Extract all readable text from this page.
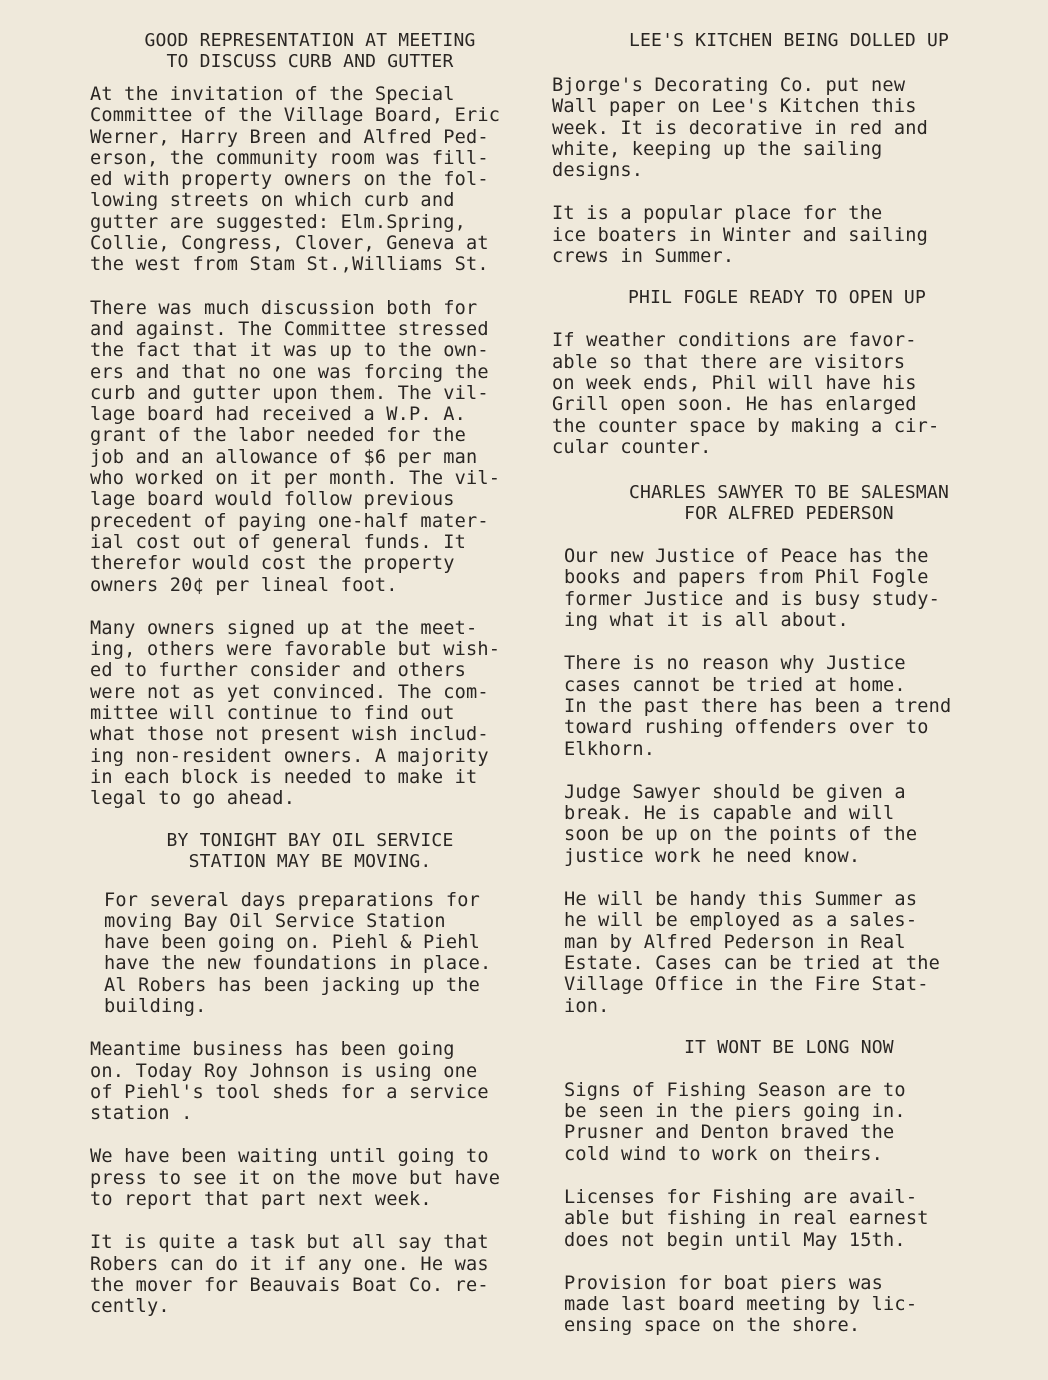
GOOD REPRESENTATION AT MEETING

TO DISCUSS CURB AND GUTTER

At the invitation of the Special
Committee of the Village Board, Eric
Werner, Harry Breen and Alfred Ped-
erson, the community room was fill-
ed with property owners on the fol-
lowing streets on which curb and
gutter are suggested: Elm.Spring,
Collie, Congress, Clover, Geneva at
the west from Stam St.,Williams St.

There was much discussion both for
and against. The Committee stressed
the fact that it was up to the own-
ers and that no one was forcing the
curb and gutter upon them. The vil-
lage board had received a W.P. A.
grant of the labor needed for the
job and an allowance of $6 per man
who worked on it per month. The vil-
lage board would follow previous
precedent of paying one-half mater-
ial cost out of general funds. It
therefor would cost the property
owners 20¢ per lineal foot.

Many owners signed up at the meet-
ing, others were favorable but wish-
ed to further consider and others
were not as yet convinced. The com-
mittee will continue to find out
what those not present wish includ-
ing non-resident owners. A majority
in each block is needed to make it
legal to go ahead.

BY TONIGHT BAY OIL SERVICE

STATION MAY BE MOVING.

For several days preparations for
moving Bay Oil Service Station
have been going on. Piehl & Piehl
have the new foundations in place.
Al Robers has been jacking up the
building.

Meantime business has been going
on. Today Roy Johnson is using one
of Piehl's tool sheds for a service
station .

We have been waiting until going to
press to see it on the move but have
to report that part next week.

It is quite a task but all say that
Robers can do it if any one. He was
the mover for Beauvais Boat Co. re-
cently.

LEE'S KITCHEN BEING DOLLED UP

Bjorge's Decorating Co. put new
Wall paper on Lee's Kitchen this
week. It is decorative in red and
white, keeping up the sailing
designs.

It is a popular place for the
ice boaters in Winter and sailing
crews in Summer.

PHIL FOGLE READY TO OPEN UP

If weather conditions are favor-
able so that there are visitors
on week ends, Phil will have his
Grill open soon. He has enlarged
the counter space by making a cir-
cular counter.

CHARLES SAWYER TO BE SALESMAN

FOR ALFRED PEDERSON

Our new Justice of Peace has the
books and papers from Phil Fogle
former Justice and is busy study-
ing what it is all about.

There is no reason why Justice
cases cannot be tried at home.
In the past there has been a trend
toward rushing offenders over to
Elkhorn.

Judge Sawyer should be given a
break. He is capable and will
soon be up on the points of the
justice work he need know.

He will be handy this Summer as
he will be employed as a sales-
man by Alfred Pederson in Real
Estate. Cases can be tried at the
Village Office in the Fire Stat-
ion.

IT WONT BE LONG NOW

Signs of Fishing Season are to
be seen in the piers going in.
Prusner and Denton braved the
cold wind to work on theirs.

Licenses for Fishing are avail-
able but fishing in real earnest
does not begin until May 15th.

Provision for boat piers was
made last board meeting by lic-
ensing space on the shore.
